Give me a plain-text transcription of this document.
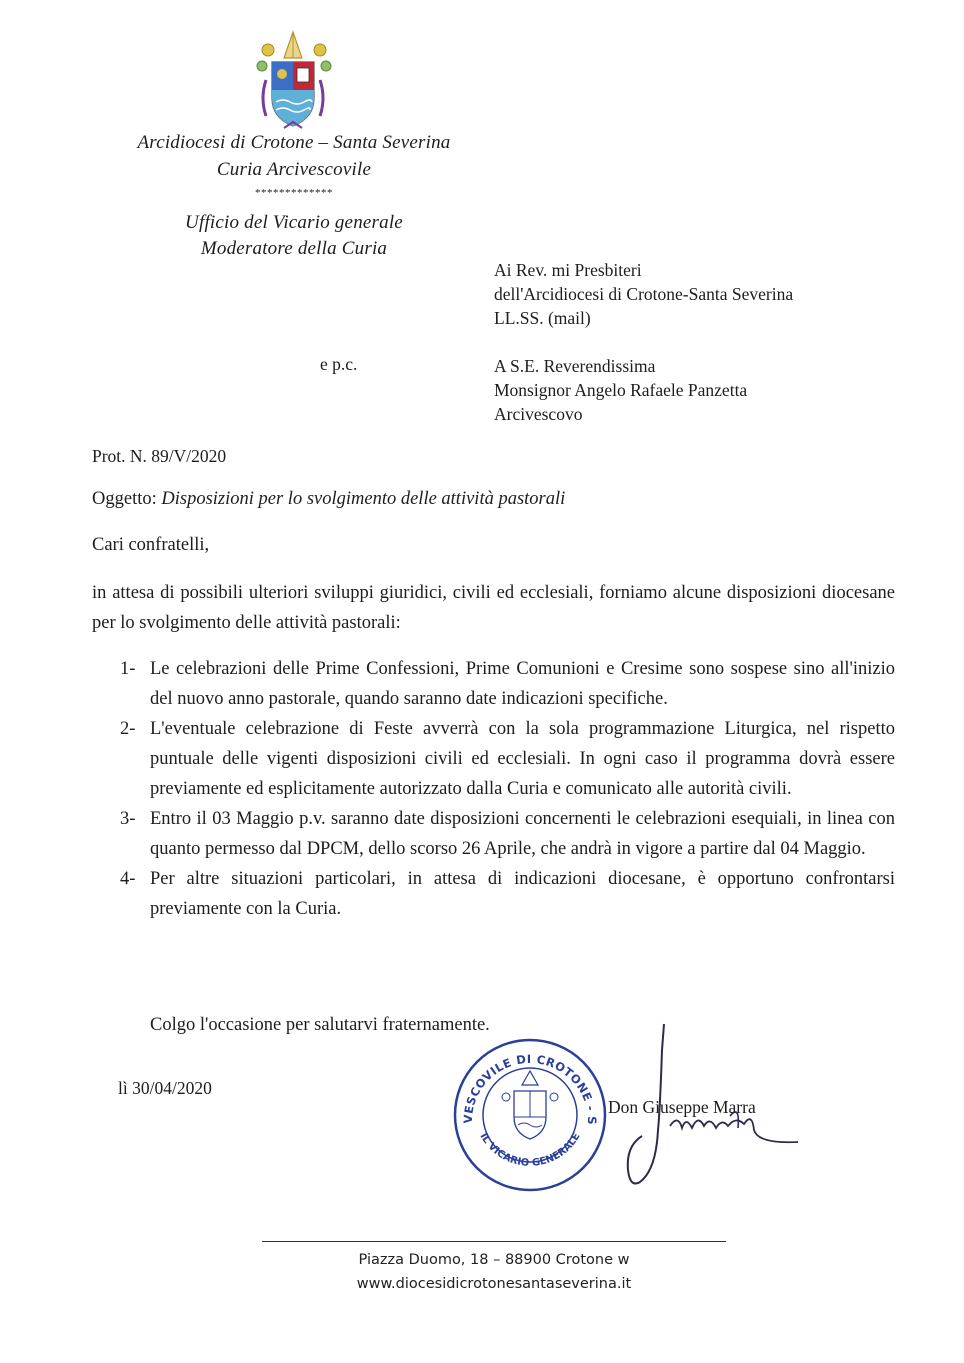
Arcidiocesi di Crotone – Santa Severina
Curia Arcivescovile
*************
Ufficio del Vicario generale
Moderatore della Curia
Ai Rev. mi Presbiteri
dell'Arcidiocesi di Crotone-Santa Severina
LL.SS. (mail)
e p.c.	A S.E. Reverendissima
Monsignor Angelo Rafaele Panzetta
Arcivescovo
Prot. N. 89/V/2020
Oggetto: Disposizioni per lo svolgimento delle attività pastorali
Cari confratelli,
in attesa di possibili ulteriori sviluppi giuridici, civili ed ecclesiali, forniamo alcune disposizioni diocesane per lo svolgimento delle attività pastorali:

1- Le celebrazioni delle Prime Confessioni, Prime Comunioni e Cresime sono sospese sino all'inizio del nuovo anno pastorale, quando saranno date indicazioni specifiche.

2- L'eventuale celebrazione di Feste avverrà con la sola programmazione Liturgica, nel rispetto puntuale delle vigenti disposizioni civili ed ecclesiali. In ogni caso il programma dovrà essere previamente ed esplicitamente autorizzato dalla Curia e comunicato alle autorità civili.

3- Entro il 03 Maggio p.v. saranno date disposizioni concernenti le celebrazioni esequiali, in linea con quanto permesso dal DPCM, dello scorso 26 Aprile, che andrà in vigore a partire dal 04 Maggio.

4- Per altre situazioni particolari, in attesa di indicazioni diocesane, è opportuno confrontarsi previamente con la Curia.

Colgo l'occasione per salutarvi fraternamente.
lì 30/04/2020
VESCOVILE DI CROTONE - S
IL VICARIO GENERALE
Don Giuseppe Marra
Piazza Duomo, 18 – 88900 Crotone w
www.diocesidicrotonesantaseverina.it
